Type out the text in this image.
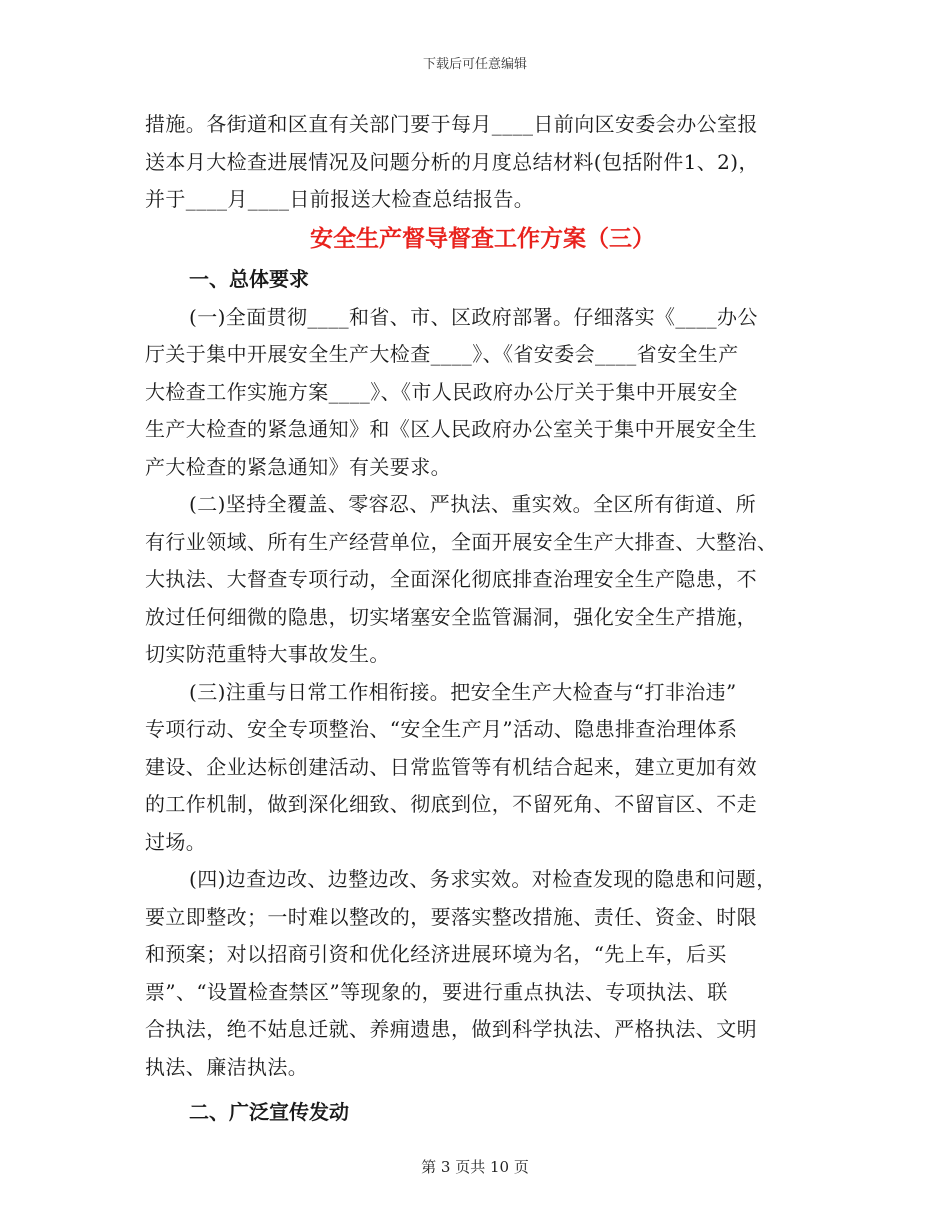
下载后可任意编辑
措施。各街道和区直有关部门要于每月____日前向区安委会办公室报
送本月大检查进展情况及问题分析的月度总结材料(包括附件1、2)，
并于____月____日前报送大检查总结报告。
安全生产督导督查工作方案（三）
一、总体要求
(一)全面贯彻____和省、市、区政府部署。仔细落实《____办公
厅关于集中开展安全生产大检查____》、《省安委会____省安全生产
大检查工作实施方案____》、《市人民政府办公厅关于集中开展安全
生产大检查的紧急通知》和《区人民政府办公室关于集中开展安全生
产大检查的紧急通知》有关要求。
(二)坚持全覆盖、零容忍、严执法、重实效。全区所有街道、所
有行业领域、所有生产经营单位，全面开展安全生产大排查、大整治、
大执法、大督查专项行动，全面深化彻底排查治理安全生产隐患，不
放过任何细微的隐患，切实堵塞安全监管漏洞，强化安全生产措施，
切实防范重特大事故发生。
(三)注重与日常工作相衔接。把安全生产大检查与“打非治违”
专项行动、安全专项整治、“安全生产月”活动、隐患排查治理体系
建设、企业达标创建活动、日常监管等有机结合起来，建立更加有效
的工作机制，做到深化细致、彻底到位，不留死角、不留盲区、不走
过场。
(四)边查边改、边整边改、务求实效。对检查发现的隐患和问题，
要立即整改；一时难以整改的，要落实整改措施、责任、资金、时限
和预案；对以招商引资和优化经济进展环境为名，“先上车，后买
票”、“设置检查禁区”等现象的，要进行重点执法、专项执法、联
合执法，绝不姑息迁就、养痈遗患，做到科学执法、严格执法、文明
执法、廉洁执法。
二、广泛宣传发动
第 3 页共 10 页
